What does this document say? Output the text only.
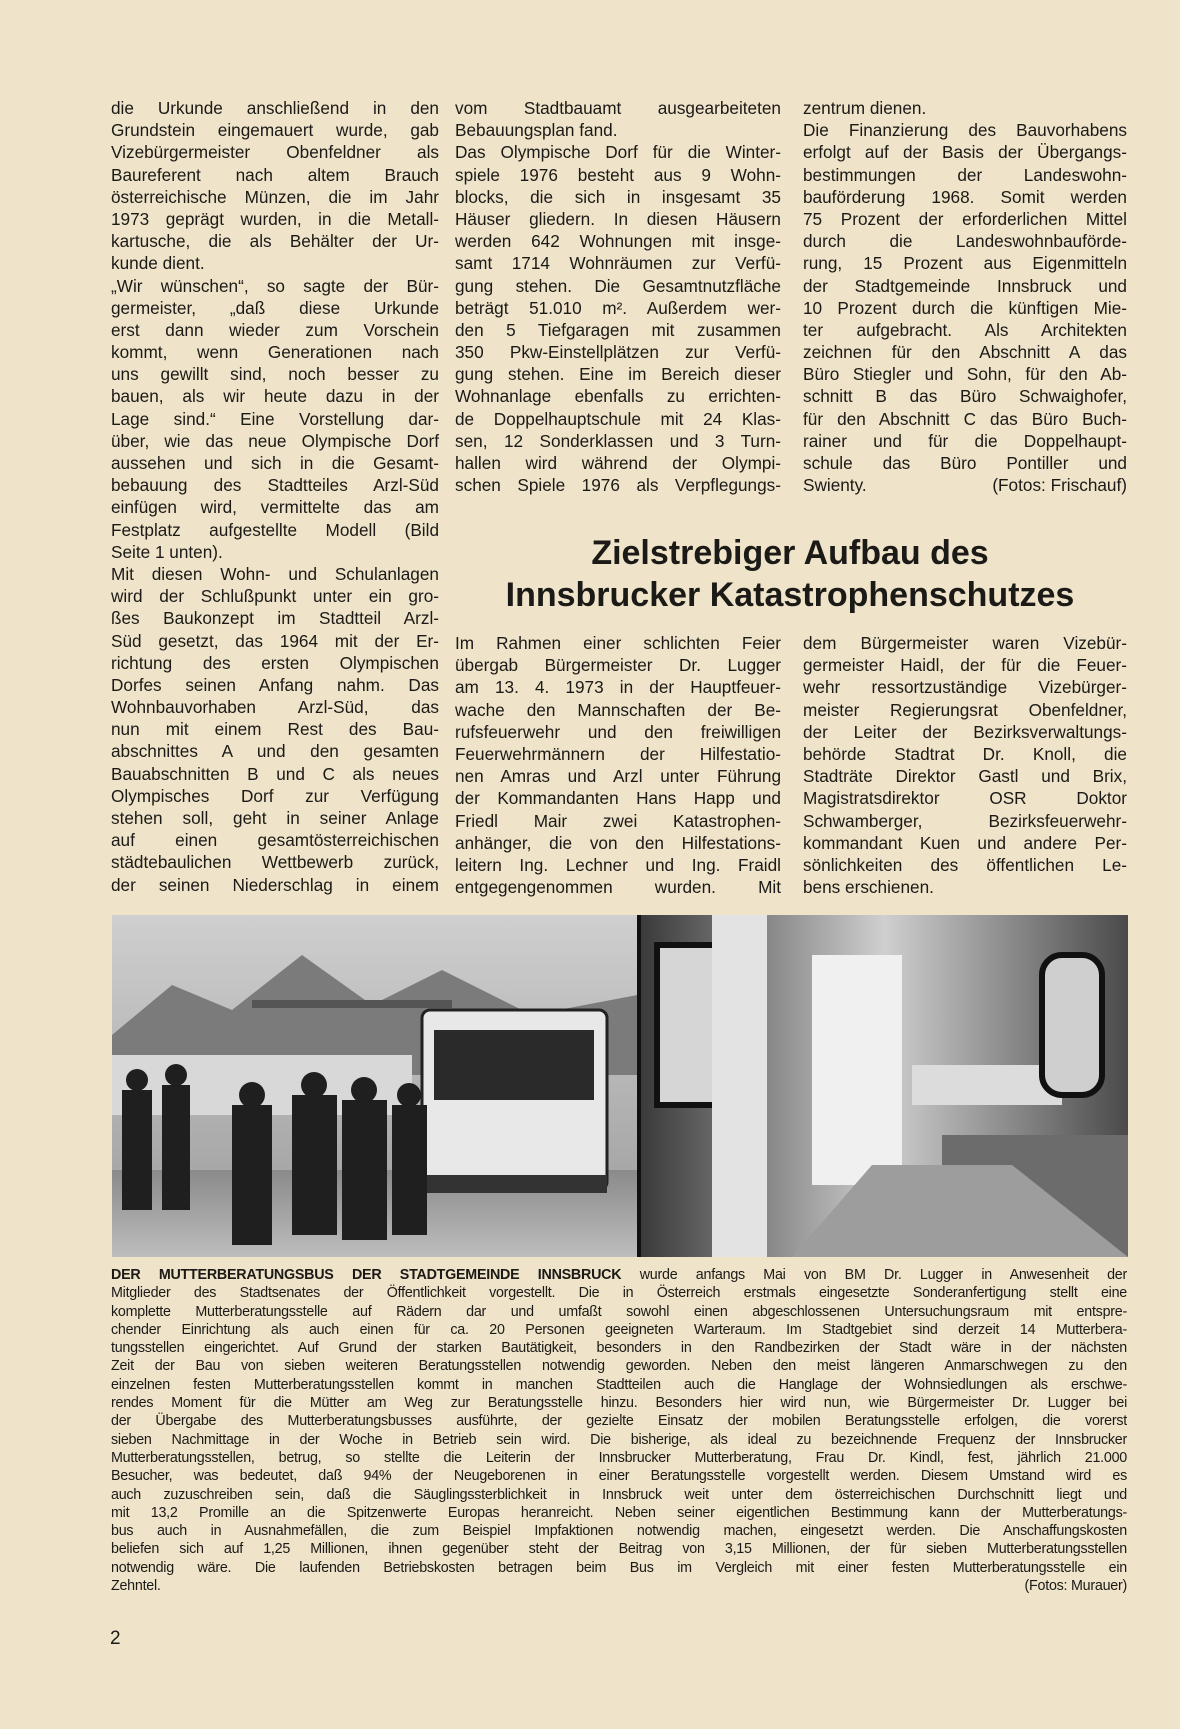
die Urkunde anschließend in den
Grundstein eingemauert wurde, gab
Vizebürgermeister Obenfeldner als
Baureferent nach altem Brauch
österreichische Münzen, die im Jahr
1973 geprägt wurden, in die Metall-
kartusche, die als Behälter der Ur-
kunde dient.
„Wir wünschen“, so sagte der Bür-
germeister, „daß diese Urkunde
erst dann wieder zum Vorschein
kommt, wenn Generationen nach
uns gewillt sind, noch besser zu
bauen, als wir heute dazu in der
Lage sind.“ Eine Vorstellung dar-
über, wie das neue Olympische Dorf
aussehen und sich in die Gesamt-
bebauung des Stadtteiles Arzl-Süd
einfügen wird, vermittelte das am
Festplatz aufgestellte Modell (Bild
Seite 1 unten).
Mit diesen Wohn- und Schulanlagen
wird der Schlußpunkt unter ein gro-
ßes Baukonzept im Stadtteil Arzl-
Süd gesetzt, das 1964 mit der Er-
richtung des ersten Olympischen
Dorfes seinen Anfang nahm. Das
Wohnbauvorhaben Arzl-Süd, das
nun mit einem Rest des Bau-
abschnittes A und den gesamten
Bauabschnitten B und C als neues
Olympisches Dorf zur Verfügung
stehen soll, geht in seiner Anlage
auf einen gesamtösterreichischen
städtebaulichen Wettbewerb zurück,
der seinen Niederschlag in einem
vom Stadtbauamt ausgearbeiteten
Bebauungsplan fand.
Das Olympische Dorf für die Winter-
spiele 1976 besteht aus 9 Wohn-
blocks, die sich in insgesamt 35
Häuser gliedern. In diesen Häusern
werden 642 Wohnungen mit insge-
samt 1714 Wohnräumen zur Verfü-
gung stehen. Die Gesamtnutzfläche
beträgt 51.010 m². Außerdem wer-
den 5 Tiefgaragen mit zusammen
350 Pkw-Einstellplätzen zur Verfü-
gung stehen. Eine im Bereich dieser
Wohnanlage ebenfalls zu errichten-
de Doppelhauptschule mit 24 Klas-
sen, 12 Sonderklassen und 3 Turn-
hallen wird während der Olympi-
schen Spiele 1976 als Verpflegungs-
zentrum dienen.
Die Finanzierung des Bauvorhabens
erfolgt auf der Basis der Übergangs-
bestimmungen der Landeswohn-
bauförderung 1968. Somit werden
75 Prozent der erforderlichen Mittel
durch die Landeswohnbauförde-
rung, 15 Prozent aus Eigenmitteln
der Stadtgemeinde Innsbruck und
10 Prozent durch die künftigen Mie-
ter aufgebracht. Als Architekten
zeichnen für den Abschnitt A das
Büro Stiegler und Sohn, für den Ab-
schnitt B das Büro Schwaighofer,
für den Abschnitt C das Büro Buch-
rainer und für die Doppelhaupt-
schule das Büro Pontiller und
Swienty.	(Fotos: Frischauf)
Zielstrebiger Aufbau des
Innsbrucker Katastrophenschutzes
Im Rahmen einer schlichten Feier
übergab Bürgermeister Dr. Lugger
am 13. 4. 1973 in der Hauptfeuer-
wache den Mannschaften der Be-
rufsfeuerwehr und den freiwilligen
Feuerwehrmännern der Hilfestatio-
nen Amras und Arzl unter Führung
der Kommandanten Hans Happ und
Friedl Mair zwei Katastrophen-
anhänger, die von den Hilfestations-
leitern Ing. Lechner und Ing. Fraidl
entgegengenommen wurden. Mit
dem Bürgermeister waren Vizebür-
germeister Haidl, der für die Feuer-
wehr ressortzuständige Vizebürger-
meister Regierungsrat Obenfeldner,
der Leiter der Bezirksverwaltungs-
behörde Stadtrat Dr. Knoll, die
Stadträte Direktor Gastl und Brix,
Magistratsdirektor OSR Doktor
Schwamberger, Bezirksfeuerwehr-
kommandant Kuen und andere Per-
sönlichkeiten des öffentlichen Le-
bens erschienen.
DER MUTTERBERATUNGSBUS DER STADTGEMEINDE INNSBRUCK wurde anfangs Mai von BM Dr. Lugger in Anwesenheit der
Mitglieder des Stadtsenates der Öffentlichkeit vorgestellt. Die in Österreich erstmals eingesetzte Sonderanfertigung stellt eine
komplette Mutterberatungsstelle auf Rädern dar und umfaßt sowohl einen abgeschlossenen Untersuchungsraum mit entspre-
chender Einrichtung als auch einen für ca. 20 Personen geeigneten Warteraum. Im Stadtgebiet sind derzeit 14 Mutterbera-
tungsstellen eingerichtet. Auf Grund der starken Bautätigkeit, besonders in den Randbezirken der Stadt wäre in der nächsten
Zeit der Bau von sieben weiteren Beratungsstellen notwendig geworden. Neben den meist längeren Anmarschwegen zu den
einzelnen festen Mutterberatungsstellen kommt in manchen Stadtteilen auch die Hanglage der Wohnsiedlungen als erschwe-
rendes Moment für die Mütter am Weg zur Beratungsstelle hinzu. Besonders hier wird nun, wie Bürgermeister Dr. Lugger bei
der Übergabe des Mutterberatungsbusses ausführte, der gezielte Einsatz der mobilen Beratungsstelle erfolgen, die vorerst
sieben Nachmittage in der Woche in Betrieb sein wird. Die bisherige, als ideal zu bezeichnende Frequenz der Innsbrucker
Mutterberatungsstellen, betrug, so stellte die Leiterin der Innsbrucker Mutterberatung, Frau Dr. Kindl, fest, jährlich 21.000
Besucher, was bedeutet, daß 94% der Neugeborenen in einer Beratungsstelle vorgestellt werden. Diesem Umstand wird es
auch zuzuschreiben sein, daß die Säuglingssterblichkeit in Innsbruck weit unter dem österreichischen Durchschnitt liegt und
mit 13,2 Promille an die Spitzenwerte Europas heranreicht. Neben seiner eigentlichen Bestimmung kann der Mutterberatungs-
bus auch in Ausnahmefällen, die zum Beispiel Impfaktionen notwendig machen, eingesetzt werden. Die Anschaffungskosten
beliefen sich auf 1,25 Millionen, ihnen gegenüber steht der Beitrag von 3,15 Millionen, der für sieben Mutterberatungsstellen
notwendig wäre. Die laufenden Betriebskosten betragen beim Bus im Vergleich mit einer festen Mutterberatungsstelle ein
Zehntel.	(Fotos: Murauer)
2
